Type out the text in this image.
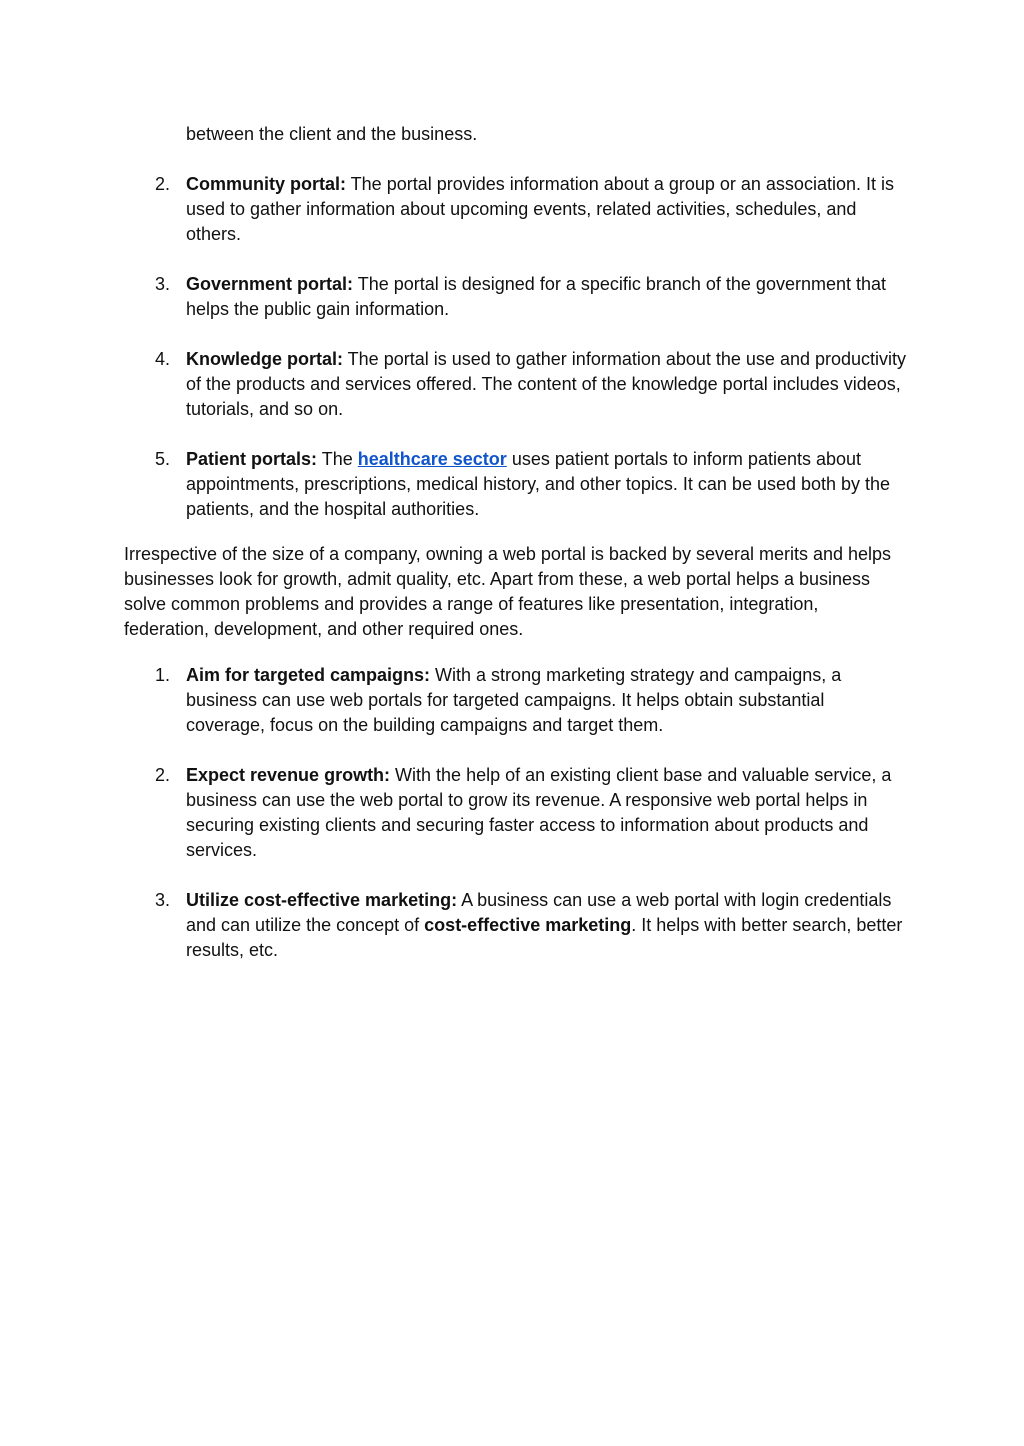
between the client and the business.

2. Community portal: The portal provides information about a group or an association. It is used to gather information about upcoming events, related activities, schedules, and others.

3. Government portal: The portal is designed for a specific branch of the government that helps the public gain information.

4. Knowledge portal: The portal is used to gather information about the use and productivity of the products and services offered. The content of the knowledge portal includes videos, tutorials, and so on.

5. Patient portals: The healthcare sector uses patient portals to inform patients about appointments, prescriptions, medical history, and other topics. It can be used both by the patients, and the hospital authorities.

Irrespective of the size of a company, owning a web portal is backed by several merits and helps businesses look for growth, admit quality, etc. Apart from these, a web portal helps a business solve common problems and provides a range of features like presentation, integration, federation, development, and other required ones.

1. Aim for targeted campaigns: With a strong marketing strategy and campaigns, a business can use web portals for targeted campaigns. It helps obtain substantial coverage, focus on the building campaigns and target them.

2. Expect revenue growth: With the help of an existing client base and valuable service, a business can use the web portal to grow its revenue. A responsive web portal helps in securing existing clients and securing faster access to information about products and services.

3. Utilize cost-effective marketing: A business can use a web portal with login credentials and can utilize the concept of cost-effective marketing. It helps with better search, better results, etc.
